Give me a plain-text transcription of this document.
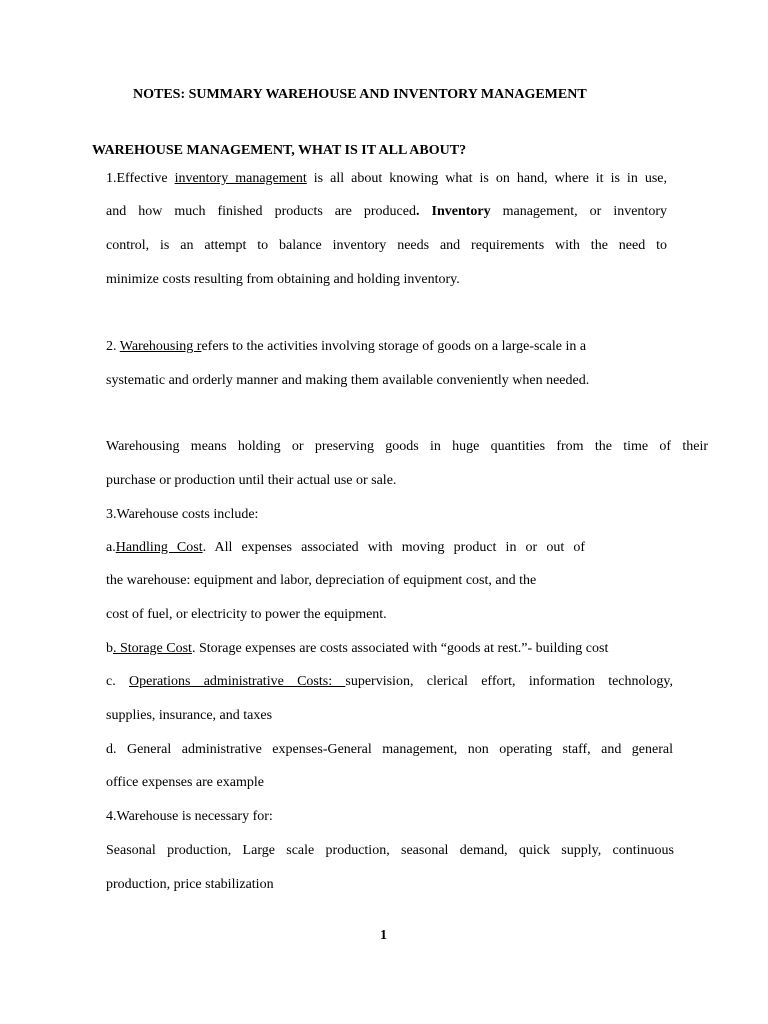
NOTES: SUMMARY WAREHOUSE AND INVENTORY MANAGEMENT
WAREHOUSE MANAGEMENT, WHAT IS IT ALL ABOUT?
1.Effective inventory management is all about knowing what is on hand, where it is in use,
and how much finished products are produced. Inventory management, or inventory
control, is an attempt to balance inventory needs and requirements with the need to
minimize costs resulting from obtaining and holding inventory.
2. Warehousing refers to the activities involving storage of goods on a large-scale in a
systematic and orderly manner and making them available conveniently when needed.
Warehousing means holding or preserving goods in huge quantities from the time of their
purchase or production until their actual use or sale.
3.Warehouse costs include:
a.Handling Cost. All expenses associated with moving product in or out of
the warehouse: equipment and labor, depreciation of equipment cost, and the
cost of fuel, or electricity to power the equipment.
b. Storage Cost. Storage expenses are costs associated with “goods at rest.”- building cost
c. Operations administrative Costs: supervision, clerical effort, information technology,
supplies, insurance, and taxes
d. General administrative expenses-General management, non operating staff, and general
office expenses are example
4.Warehouse is necessary for:
Seasonal production, Large scale production, seasonal demand, quick supply, continuous
production, price stabilization
1
